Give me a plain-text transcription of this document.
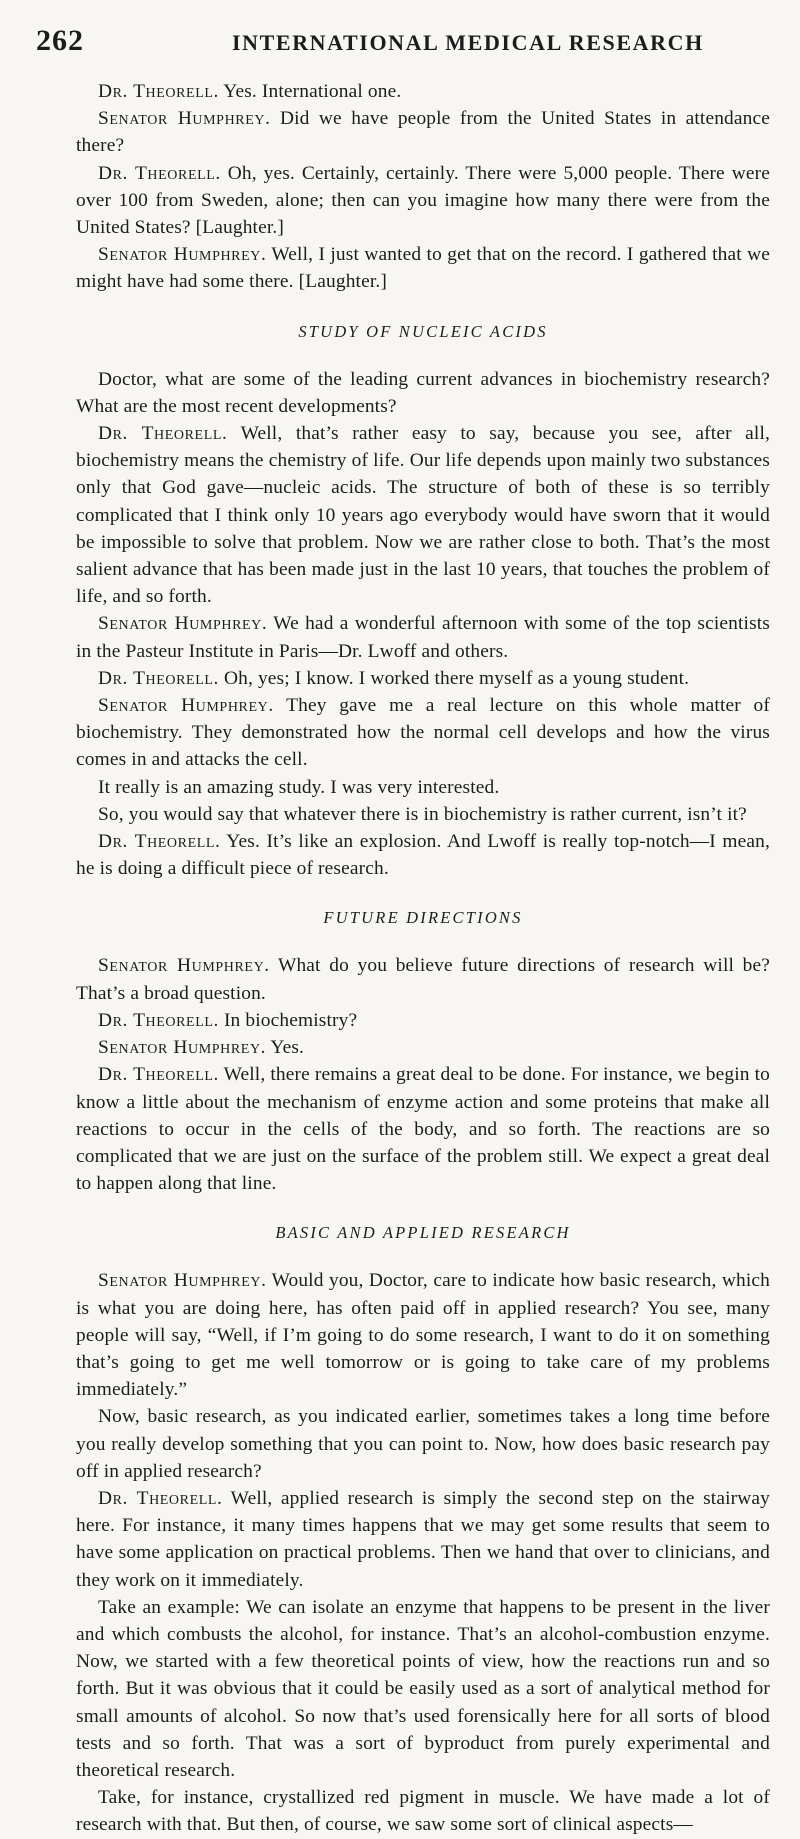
262	INTERNATIONAL MEDICAL RESEARCH

Dr. Theorell. Yes. International one.

Senator Humphrey. Did we have people from the United States in attendance there?

Dr. Theorell. Oh, yes. Certainly, certainly. There were 5,000 people. There were over 100 from Sweden, alone; then can you imagine how many there were from the United States? [Laughter.]

Senator Humphrey. Well, I just wanted to get that on the record. I gathered that we might have had some there. [Laughter.]

STUDY OF NUCLEIC ACIDS

Doctor, what are some of the leading current advances in biochemistry research? What are the most recent developments?

Dr. Theorell. Well, that’s rather easy to say, because you see, after all, biochemistry means the chemistry of life. Our life depends upon mainly two substances only that God gave—nucleic acids. The structure of both of these is so terribly complicated that I think only 10 years ago everybody would have sworn that it would be impossible to solve that problem. Now we are rather close to both. That’s the most salient advance that has been made just in the last 10 years, that touches the problem of life, and so forth.

Senator Humphrey. We had a wonderful afternoon with some of the top scientists in the Pasteur Institute in Paris—Dr. Lwoff and others.

Dr. Theorell. Oh, yes; I know. I worked there myself as a young student.

Senator Humphrey. They gave me a real lecture on this whole matter of biochemistry. They demonstrated how the normal cell develops and how the virus comes in and attacks the cell.

It really is an amazing study. I was very interested.

So, you would say that whatever there is in biochemistry is rather current, isn’t it?

Dr. Theorell. Yes. It’s like an explosion. And Lwoff is really top-notch—I mean, he is doing a difficult piece of research.

FUTURE DIRECTIONS

Senator Humphrey. What do you believe future directions of research will be? That’s a broad question.

Dr. Theorell. In biochemistry?

Senator Humphrey. Yes.

Dr. Theorell. Well, there remains a great deal to be done. For instance, we begin to know a little about the mechanism of enzyme action and some proteins that make all reactions to occur in the cells of the body, and so forth. The reactions are so complicated that we are just on the surface of the problem still. We expect a great deal to happen along that line.

BASIC AND APPLIED RESEARCH

Senator Humphrey. Would you, Doctor, care to indicate how basic research, which is what you are doing here, has often paid off in applied research? You see, many people will say, “Well, if I’m going to do some research, I want to do it on something that’s going to get me well tomorrow or is going to take care of my problems immediately.”

Now, basic research, as you indicated earlier, sometimes takes a long time before you really develop something that you can point to. Now, how does basic research pay off in applied research?

Dr. Theorell. Well, applied research is simply the second step on the stairway here. For instance, it many times happens that we may get some results that seem to have some application on practical problems. Then we hand that over to clinicians, and they work on it immediately.

Take an example: We can isolate an enzyme that happens to be present in the liver and which combusts the alcohol, for instance. That’s an alcohol-combustion enzyme. Now, we started with a few theoretical points of view, how the reactions run and so forth. But it was obvious that it could be easily used as a sort of analytical method for small amounts of alcohol. So now that’s used forensically here for all sorts of blood tests and so forth. That was a sort of byproduct from purely experimental and theoretical research.

Take, for instance, crystallized red pigment in muscle. We have made a lot of research with that. But then, of course, we saw some sort of clinical aspects—
